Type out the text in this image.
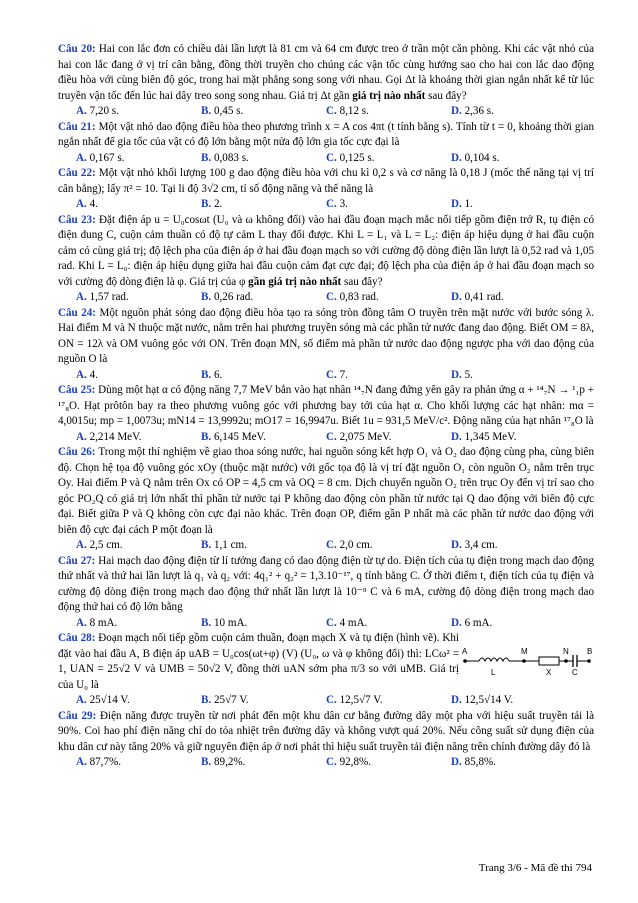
Câu 20: Hai con lắc đơn có chiều dài lần lượt là 81 cm và 64 cm được treo ở trần một căn phòng. Khi các vật nhỏ của hai con lắc đang ở vị trí cân bằng, đồng thời truyền cho chúng các vận tốc cùng hướng sao cho hai con lắc dao động điều hòa với cùng biên độ góc, trong hai mặt phẳng song song với nhau. Gọi Δt là khoảng thời gian ngắn nhất kể từ lúc truyền vận tốc đến lúc hai dây treo song song nhau. Giá trị Δt gần giá trị nào nhất sau đây?

A. 7,20 s.	B. 0,45 s.	C. 8,12 s.	D. 2,36 s.

Câu 21: Một vật nhỏ dao động điều hòa theo phương trình x = A cos 4πt (t tính bằng s). Tính từ t = 0, khoảng thời gian ngắn nhất để gia tốc của vật có độ lớn bằng một nửa độ lớn gia tốc cực đại là

A. 0,167 s.	B. 0,083 s.	C. 0,125 s.	D. 0,104 s.

Câu 22: Một vật nhỏ khối lượng 100 g dao động điều hòa với chu kì 0,2 s và cơ năng là 0,18 J (mốc thế năng tại vị trí cân bằng); lấy π² = 10. Tại li độ 3√2 cm, tỉ số động năng và thế năng là

A. 4.	B. 2.	C. 3.	D. 1.

Câu 23: Đặt điện áp u = U₀cosωt (U₀ và ω không đổi) vào hai đầu đoạn mạch mắc nối tiếp gồm điện trở R, tụ điện có điện dung C, cuộn cảm thuần có độ tự cảm L thay đổi được. Khi L = L₁ và L = L₂: điện áp hiệu dụng ở hai đầu cuộn cảm có cùng giá trị; độ lệch pha của điện áp ở hai đầu đoạn mạch so với cường độ dòng điện lần lượt là 0,52 rad và 1,05 rad. Khi L = L₀: điện áp hiệu dụng giữa hai đầu cuộn cảm đạt cực đại; độ lệch pha của điện áp ở hai đầu đoạn mạch so với cường độ dòng điện là φ. Giá trị của φ gần giá trị nào nhất sau đây?

A. 1,57 rad.	B. 0,26 rad.	C. 0,83 rad.	D. 0,41 rad.

Câu 24: Một nguồn phát sóng dao động điều hòa tạo ra sóng tròn đồng tâm O truyền trên mặt nước với bước sóng λ. Hai điểm M và N thuộc mặt nước, nằm trên hai phương truyền sóng mà các phần tử nước đang dao động. Biết OM = 8λ, ON = 12λ và OM vuông góc với ON. Trên đoạn MN, số điểm mà phần tử nước dao động ngược pha với dao động của nguồn O là

A. 4.	B. 6.	C. 7.	D. 5.

Câu 25: Dùng một hạt α có động năng 7,7 MeV bắn vào hạt nhân ¹⁴₇N đang đứng yên gây ra phản ứng α + ¹⁴₇N → ¹₁p + ¹⁷₈O. Hạt prôtôn bay ra theo phương vuông góc với phương bay tới của hạt α. Cho khối lượng các hạt nhân: mα = 4,0015u; mp = 1,0073u; mN14 = 13,9992u; mO17 = 16,9947u. Biết 1u = 931,5 MeV/c². Động năng của hạt nhân ¹⁷₈O là

A. 2,214 MeV.	B. 6,145 MeV.	C. 2,075 MeV.	D. 1,345 MeV.

Câu 26: Trong một thí nghiệm về giao thoa sóng nước, hai nguồn sóng kết hợp O₁ và O₂ dao động cùng pha, cùng biên độ. Chọn hệ tọa độ vuông góc xOy (thuộc mặt nước) với gốc tọa độ là vị trí đặt nguồn O₁ còn nguồn O₂ nằm trên trục Oy. Hai điểm P và Q nằm trên Ox có OP = 4,5 cm và OQ = 8 cm. Dịch chuyển nguồn O₂ trên trục Oy đến vị trí sao cho góc PO₂Q có giá trị lớn nhất thì phần tử nước tại P không dao động còn phần tử nước tại Q dao động với biên độ cực đại. Biết giữa P và Q không còn cực đại nào khác. Trên đoạn OP, điểm gần P nhất mà các phần tử nước dao động với biên độ cực đại cách P một đoạn là

A. 2,5 cm.	B. 1,1 cm.	C. 2,0 cm.	D. 3,4 cm.

Câu 27: Hai mạch dao động điện từ lí tưởng đang có dao động điện từ tự do. Điện tích của tụ điện trong mạch dao động thứ nhất và thứ hai lần lượt là q₁ và q₂ với: 4q₁² + q₂² = 1,3.10⁻¹⁷, q tính bằng C. Ở thời điểm t, điện tích của tụ điện và cường độ dòng điện trong mạch dao động thứ nhất lần lượt là 10⁻⁹ C và 6 mA, cường độ dòng điện trong mạch dao động thứ hai có độ lớn bằng

A. 8 mA.	B. 10 mA.	C. 4 mA.	D. 6 mA.

Câu 28: Đoạn mạch nối tiếp gồm cuộn cảm thuần, đoạn mạch X và tụ điện (hình vẽ). Khi đặt vào hai đầu A, B điện áp uAB = U₀cos(ωt+φ) (V) (U₀, ω và φ không đổi) thì: LCω² = 1, UAN = 25√2 V và UMB = 50√2 V, đồng thời uAN sớm pha π/3 so với uMB. Giá trị của U₀ là

A	M	N B
L	X	C
A. 25√14 V.	B. 25√7 V.	C. 12,5√7 V.	D. 12,5√14 V.

Câu 29: Điện năng được truyền từ nơi phát đến một khu dân cư bằng đường dây một pha với hiệu suất truyền tải là 90%. Coi hao phí điện năng chỉ do tỏa nhiệt trên đường dây và không vượt quá 20%. Nếu công suất sử dụng điện của khu dân cư này tăng 20% và giữ nguyên điện áp ở nơi phát thì hiệu suất truyền tải điện năng trên chính đường dây đó là

A. 87,7%.	B. 89,2%.	C. 92,8%.	D. 85,8%.
Trang 3/6 - Mã đề thi 794
